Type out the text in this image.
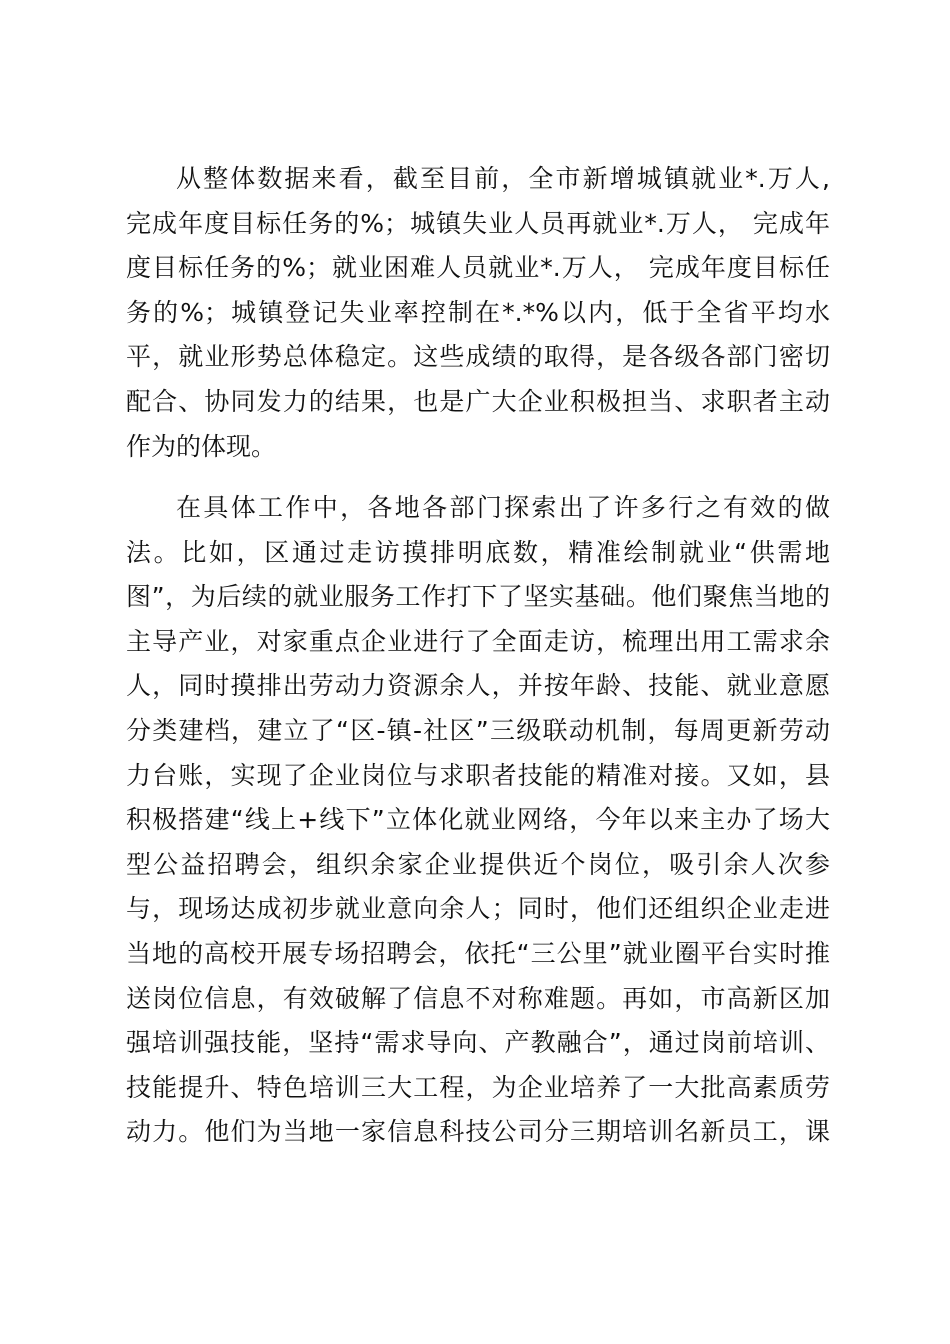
从整体数据来看，截至目前，全市新增城镇就业*.万人,
完成年度目标任务的%；城镇失业人员再就业*.万人， 完成年
度目标任务的%；就业困难人员就业*.万人， 完成年度目标任
务的%；城镇登记失业率控制在*.*%以内，低于全省平均水
平，就业形势总体稳定。这些成绩的取得，是各级各部门密切
配合、协同发力的结果，也是广大企业积极担当、求职者主动
作为的体现。
在具体工作中，各地各部门探索出了许多行之有效的做
法。比如，区通过走访摸排明底数，精准绘制就业“供需地
图”，为后续的就业服务工作打下了坚实基础。他们聚焦当地的
主导产业，对家重点企业进行了全面走访，梳理出用工需求余
人，同时摸排出劳动力资源余人，并按年龄、技能、就业意愿
分类建档，建立了“区-镇-社区”三级联动机制，每周更新劳动
力台账，实现了企业岗位与求职者技能的精准对接。又如，县
积极搭建“线上+线下”立体化就业网络，今年以来主办了场大
型公益招聘会，组织余家企业提供近个岗位，吸引余人次参
与，现场达成初步就业意向余人；同时，他们还组织企业走进
当地的高校开展专场招聘会，依托“三公里”就业圈平台实时推
送岗位信息，有效破解了信息不对称难题。再如，市高新区加
强培训强技能，坚持“需求导向、产教融合”，通过岗前培训、
技能提升、特色培训三大工程，为企业培养了一大批高素质劳
动力。他们为当地一家信息科技公司分三期培训名新员工，课
